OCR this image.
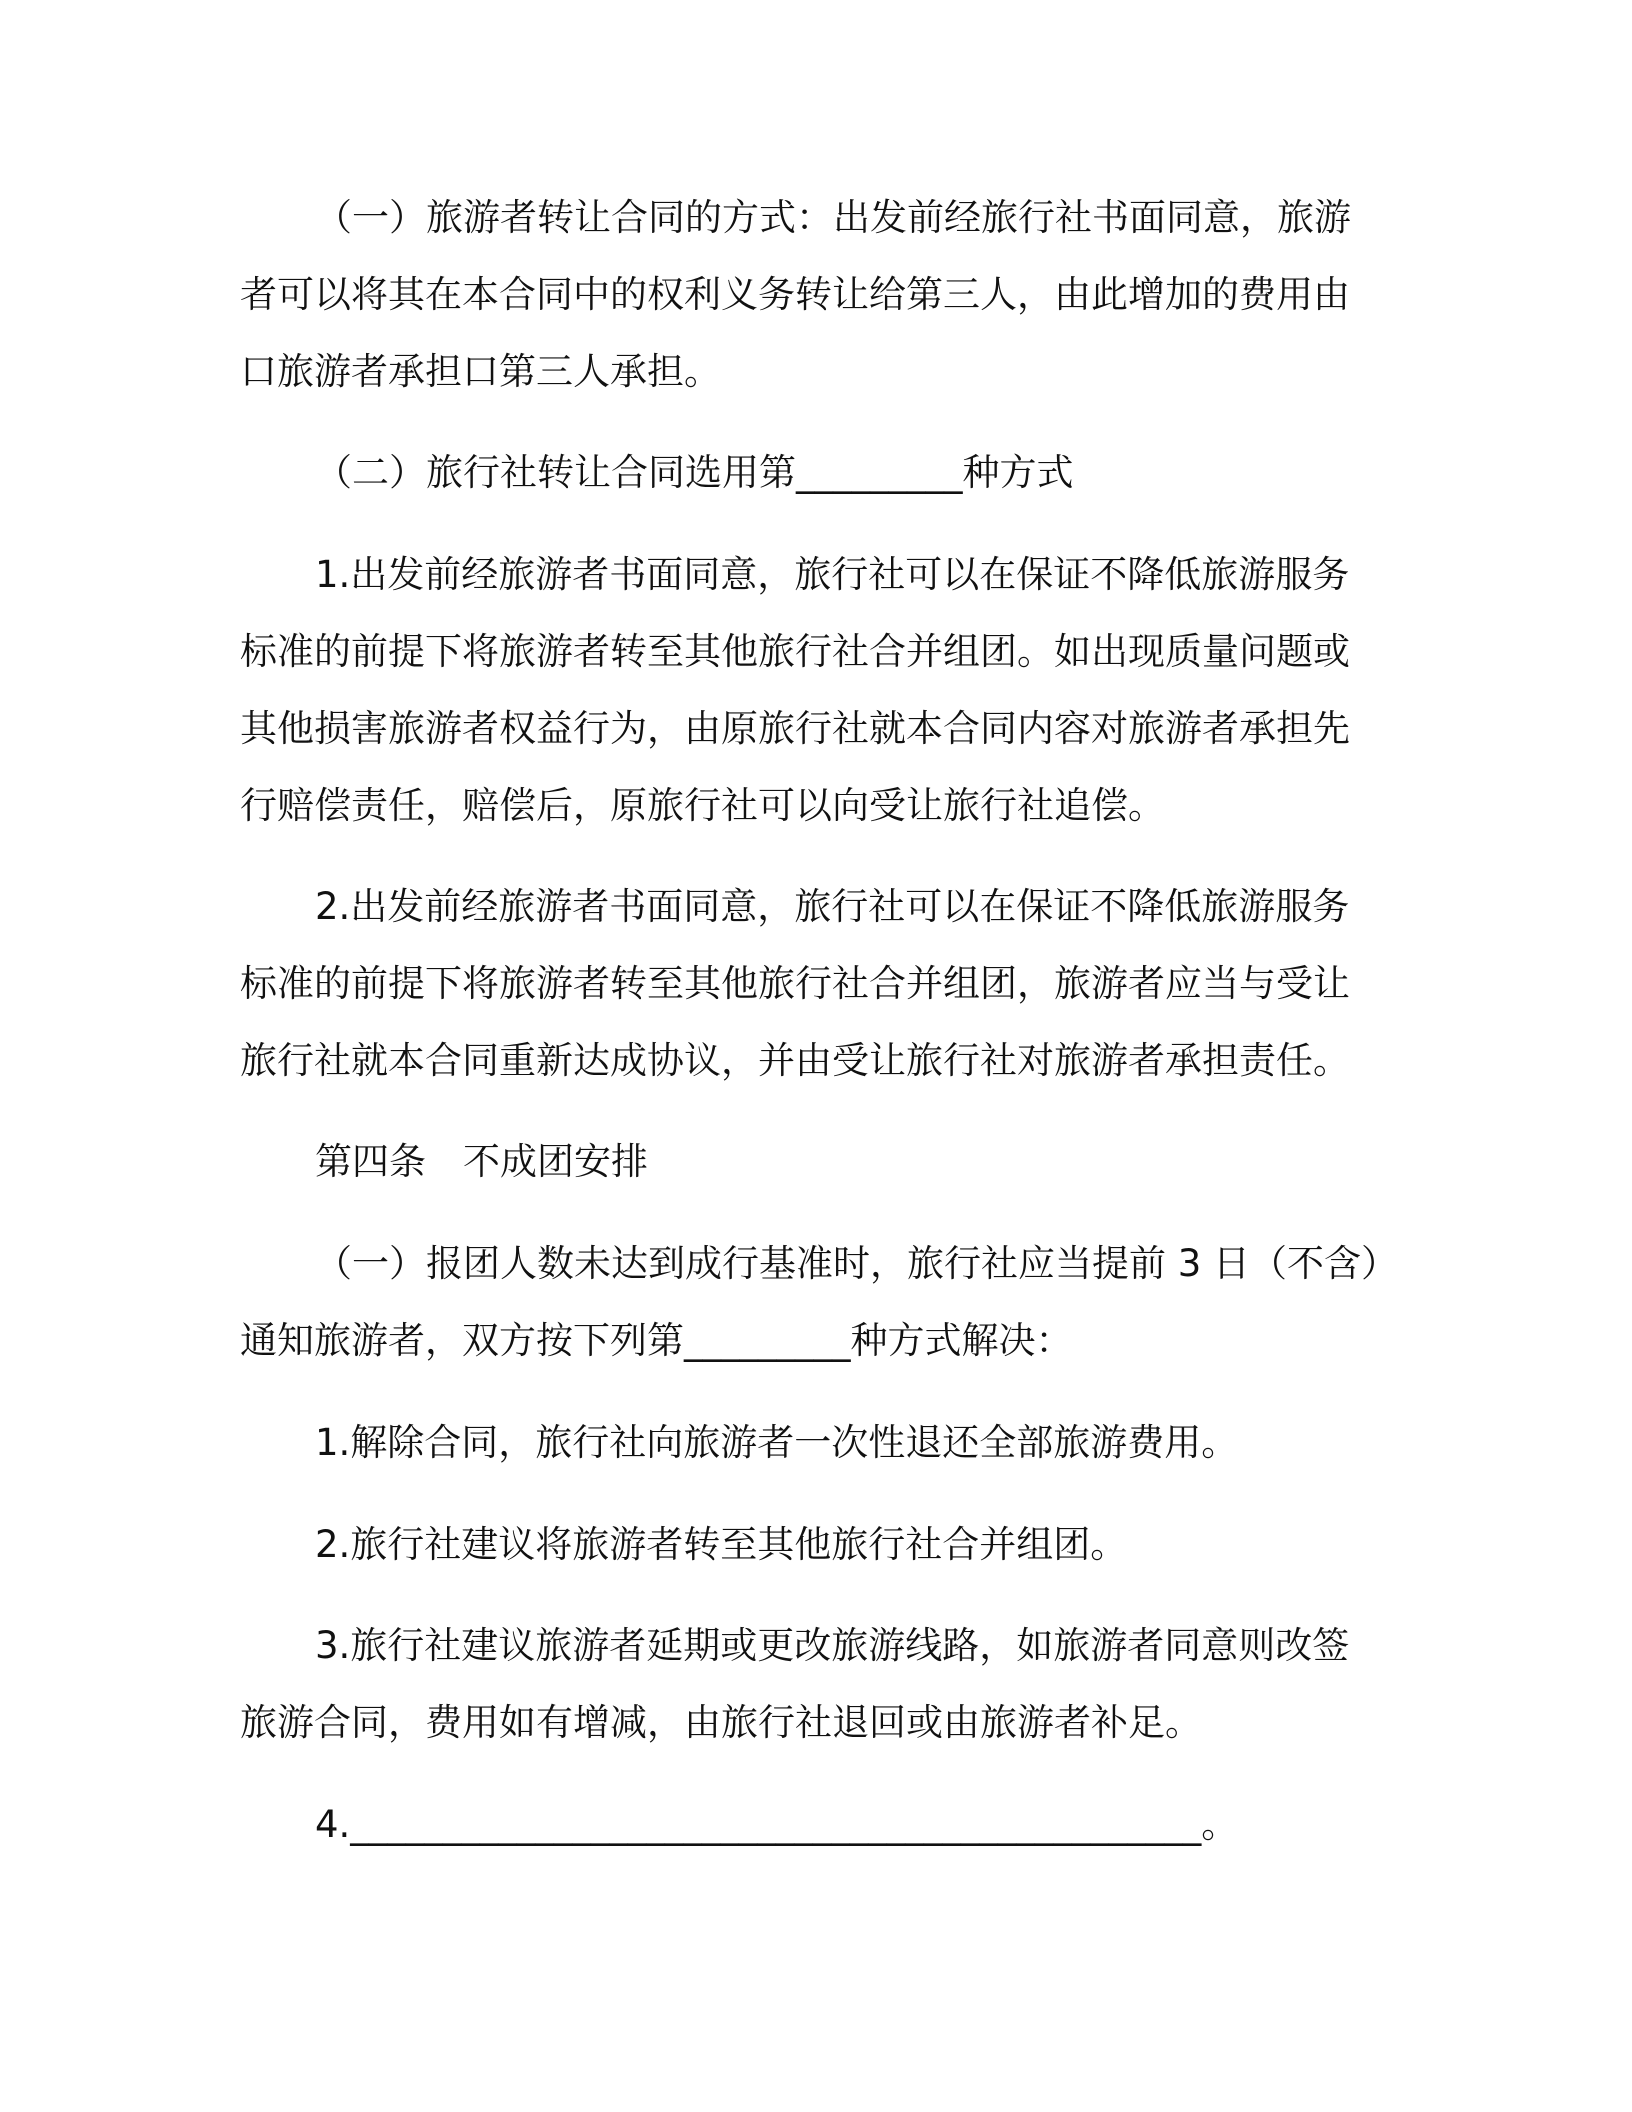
（一）旅游者转让合同的方式：出发前经旅行社书面同意，旅游
者可以将其在本合同中的权利义务转让给第三人，由此增加的费用由
口旅游者承担口第三人承担。
（二）旅行社转让合同选用第_________种方式
1.出发前经旅游者书面同意，旅行社可以在保证不降低旅游服务
标准的前提下将旅游者转至其他旅行社合并组团。如出现质量问题或
其他损害旅游者权益行为，由原旅行社就本合同内容对旅游者承担先
行赔偿责任，赔偿后，原旅行社可以向受让旅行社追偿。
2.出发前经旅游者书面同意，旅行社可以在保证不降低旅游服务
标准的前提下将旅游者转至其他旅行社合并组团，旅游者应当与受让
旅行社就本合同重新达成协议，并由受让旅行社对旅游者承担责任。
第四条　不成团安排
（一）报团人数未达到成行基准时，旅行社应当提前 3 日（不含）
通知旅游者，双方按下列第_________种方式解决：
1.解除合同，旅行社向旅游者一次性退还全部旅游费用。
2.旅行社建议将旅游者转至其他旅行社合并组团。
3.旅行社建议旅游者延期或更改旅游线路，如旅游者同意则改签
旅游合同，费用如有增减，由旅行社退回或由旅游者补足。
4.______________________________________________。
